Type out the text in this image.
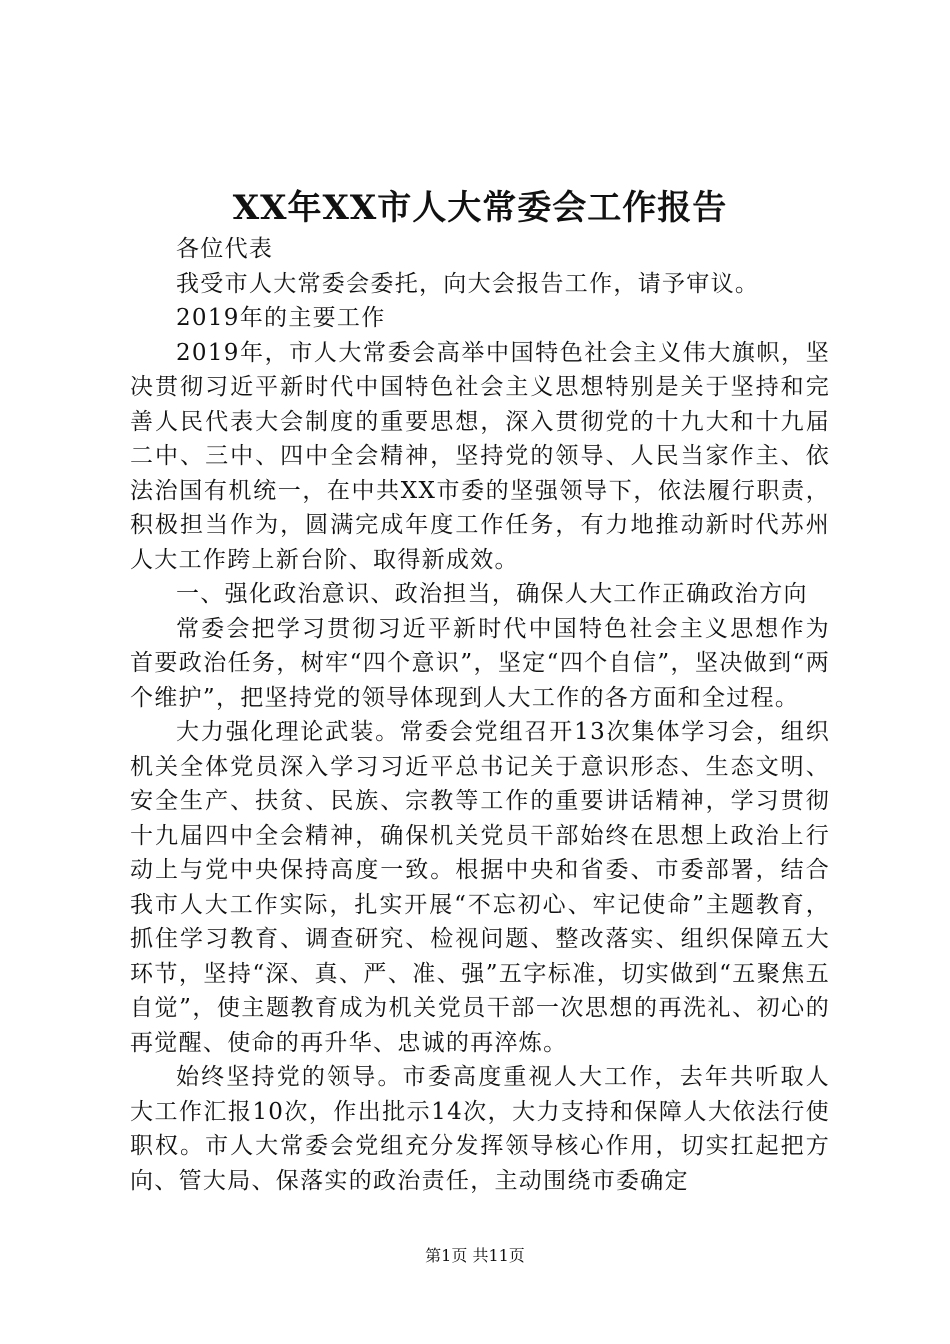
XX年XX市人大常委会工作报告

各位代表

我受市人大常委会委托，向大会报告工作，请予审议。

2019年的主要工作

2019年，市人大常委会高举中国特色社会主义伟大旗帜，坚决贯彻习近平新时代中国特色社会主义思想特别是关于坚持和完善人民代表大会制度的重要思想，深入贯彻党的十九大和十九届二中、三中、四中全会精神，坚持党的领导、人民当家作主、依法治国有机统一，在中共XX市委的坚强领导下，依法履行职责，积极担当作为，圆满完成年度工作任务，有力地推动新时代苏州人大工作跨上新台阶、取得新成效。

一、强化政治意识、政治担当，确保人大工作正确政治方向

常委会把学习贯彻习近平新时代中国特色社会主义思想作为首要政治任务，树牢“四个意识”，坚定“四个自信”，坚决做到“两个维护”，把坚持党的领导体现到人大工作的各方面和全过程。

大力强化理论武装。常委会党组召开13次集体学习会，组织机关全体党员深入学习习近平总书记关于意识形态、生态文明、安全生产、扶贫、民族、宗教等工作的重要讲话精神，学习贯彻十九届四中全会精神，确保机关党员干部始终在思想上政治上行动上与党中央保持高度一致。根据中央和省委、市委部署，结合我市人大工作实际，扎实开展“不忘初心、牢记使命”主题教育，抓住学习教育、调查研究、检视问题、整改落实、组织保障五大环节，坚持“深、真、严、准、强”五字标准，切实做到“五聚焦五自觉”，使主题教育成为机关党员干部一次思想的再洗礼、初心的再觉醒、使命的再升华、忠诚的再淬炼。

始终坚持党的领导。市委高度重视人大工作，去年共听取人大工作汇报10次，作出批示14次，大力支持和保障人大依法行使职权。市人大常委会党组充分发挥领导核心作用，切实扛起把方向、管大局、保落实的政治责任，主动围绕市委确定

第1页 共11页
